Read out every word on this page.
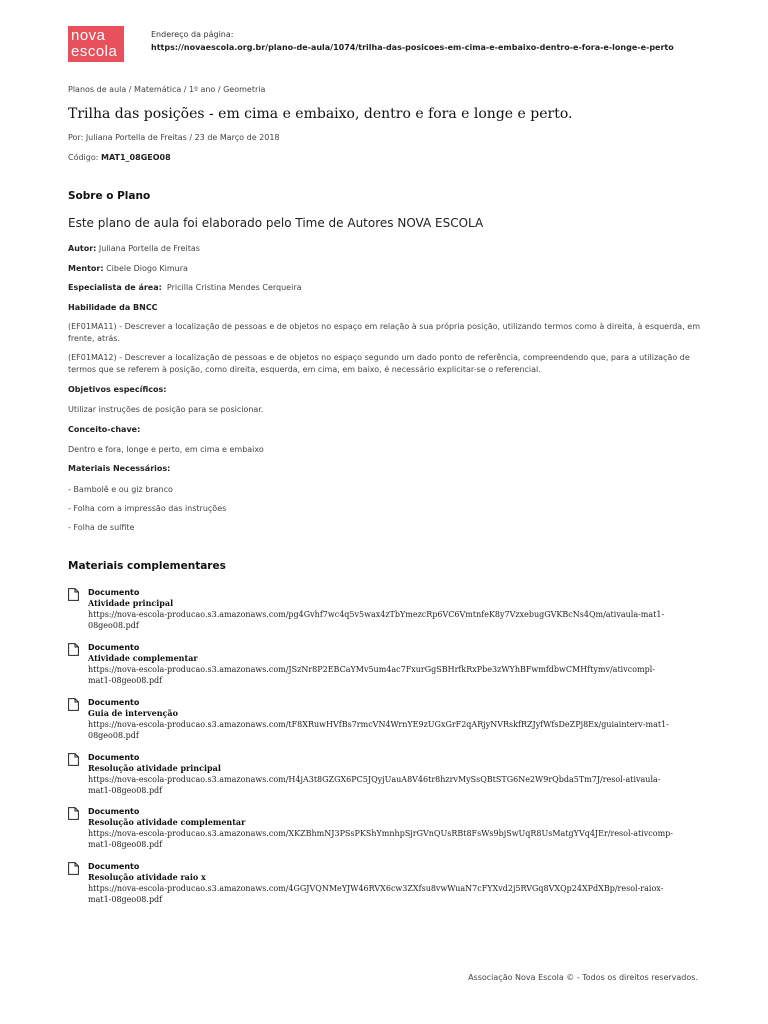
nova
escola
Endereço da página:
https://novaescola.org.br/plano-de-aula/1074/trilha-das-posicoes-em-cima-e-embaixo-dentro-e-fora-e-longe-e-perto
Planos de aula / Matemática / 1º ano / Geometria
Trilha das posições - em cima e embaixo, dentro e fora e longe e perto.
Por: Juliana Portella de Freitas / 23 de Março de 2018
Código: MAT1_08GEO08
Sobre o Plano
Este plano de aula foi elaborado pelo Time de Autores NOVA ESCOLA
Autor: Juliana Portella de Freitas
Mentor: Cibele Diogo Kimura
Especialista de área: Pricilla Cristina Mendes Cerqueira
Habilidade da BNCC
(EF01MA11) - Descrever a localização de pessoas e de objetos no espaço em relação à sua própria posição, utilizando termos como à direita, à esquerda, em frente, atrás.
(EF01MA12) - Descrever a localização de pessoas e de objetos no espaço segundo um dado ponto de referência, compreendendo que, para a utilização de termos que se referem à posição, como direita, esquerda, em cima, em baixo, é necessário explicitar-se o referencial.
Objetivos específicos:
Utilizar instruções de posição para se posicionar.
Conceito-chave:
Dentro e fora, longe e perto, em cima e embaixo
Materiais Necessários:
- Bambolê e ou giz branco
- Folha com a impressão das instruções
- Folha de sulfite
Materiais complementares
Documento
Atividade principal
https://nova-escola-producao.s3.amazonaws.com/pg4Gvhf7wc4q5v5wax4zTbYmezcRp6VC6VmtnfeK8y7VzxebugGVKBcNs4Qm/ativaula-mat1-
08geo08.pdf
Documento
Atividade complementar
https://nova-escola-producao.s3.amazonaws.com/JSzNr8P2EBCaYMv5um4ac7FxurGgSBHrfkRxPbe3zWYhBFwmfdbwCMHftymv/ativcompl-
mat1-08geo08.pdf
Documento
Guia de intervenção
https://nova-escola-producao.s3.amazonaws.com/tF8XRuwHVfBs7rmcVN4WrnYE9zUGxGrF2qARjyNVRskfRZJyfWfsDeZPj8Ex/guiainterv-mat1-
08geo08.pdf
Documento
Resolução atividade principal
https://nova-escola-producao.s3.amazonaws.com/H4jA3t8GZGX6PC5JQyjUauA8V46tr8hzrvMySsQBtSTG6Ne2W9rQbda5Tm7J/resol-ativaula-
mat1-08geo08.pdf
Documento
Resolução atividade complementar
https://nova-escola-producao.s3.amazonaws.com/XKZBhmNJ3PSsPKShYmnhpSjrGVnQUsRBt8FsWs9bjSwUqR8UsMatgYVq4JEr/resol-ativcomp-
mat1-08geo08.pdf
Documento
Resolução atividade raio x
https://nova-escola-producao.s3.amazonaws.com/4GGJVQNMeYJW46RVX6cw3ZXfsu8vwWuaN7cFYXvd2j5RVGq8VXQp24XPdXBp/resol-raiox-
mat1-08geo08.pdf
Associação Nova Escola © - Todos os direitos reservados.
